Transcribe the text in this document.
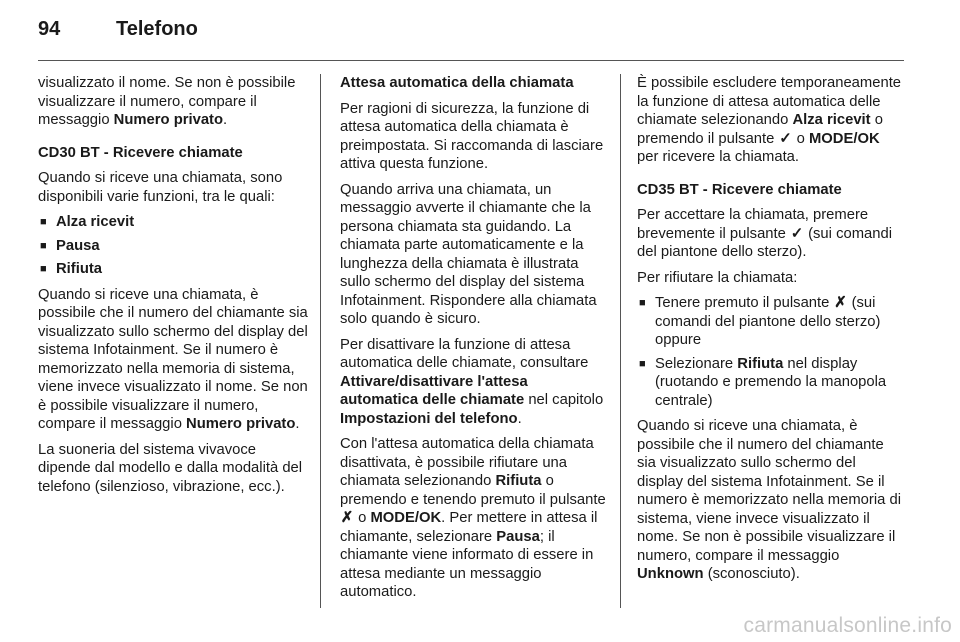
94	Telefono

visualizzato il nome. Se non è possibile visualizzare il numero, compare il messaggio Numero privato.

CD30 BT - Ricevere chiamate

Quando si riceve una chiamata, sono disponibili varie funzioni, tra le quali:

■ Alza ricevit
■ Pausa
■ Rifiuta

Quando si riceve una chiamata, è possibile che il numero del chiamante sia visualizzato sullo schermo del display del sistema Infotainment. Se il numero è memorizzato nella memoria di sistema, viene invece visualizzato il nome. Se non è possibile visualizzare il numero, compare il messaggio Numero privato.

La suoneria del sistema vivavoce dipende dal modello e dalla modalità del telefono (silenzioso, vibrazione, ecc.).

Attesa automatica della chiamata

Per ragioni di sicurezza, la funzione di attesa automatica della chiamata è preimpostata. Si raccomanda di lasciare attiva questa funzione.

Quando arriva una chiamata, un messaggio avverte il chiamante che la persona chiamata sta guidando. La chiamata parte automaticamente e la lunghezza della chiamata è illustrata sullo schermo del display del sistema Infotainment. Rispondere alla chiamata solo quando è sicuro.

Per disattivare la funzione di attesa automatica delle chiamate, consultare Attivare/disattivare l'attesa automatica delle chiamate nel capitolo Impostazioni del telefono.

Con l'attesa automatica della chiamata disattivata, è possibile rifiutare una chiamata selezionando Rifiuta o premendo e tenendo premuto il pulsante ✗ o MODE/OK. Per mettere in attesa il chiamante, selezionare Pausa; il chiamante viene informato di essere in attesa mediante un messaggio automatico.

È possibile escludere temporaneamente la funzione di attesa automatica delle chiamate selezionando Alza ricevit o premendo il pulsante ✓ o MODE/OK per ricevere la chiamata.

CD35 BT - Ricevere chiamate

Per accettare la chiamata, premere brevemente il pulsante ✓ (sui comandi del piantone dello sterzo).

Per rifiutare la chiamata:

■ Tenere premuto il pulsante ✗ (sui comandi del piantone dello sterzo) oppure
■ Selezionare Rifiuta nel display (ruotando e premendo la manopola centrale)

Quando si riceve una chiamata, è possibile che il numero del chiamante sia visualizzato sullo schermo del display del sistema Infotainment. Se il numero è memorizzato nella memoria di sistema, viene invece visualizzato il nome. Se non è possibile visualizzare il numero, compare il messaggio Unknown (sconosciuto).

carmanualsonline.info
